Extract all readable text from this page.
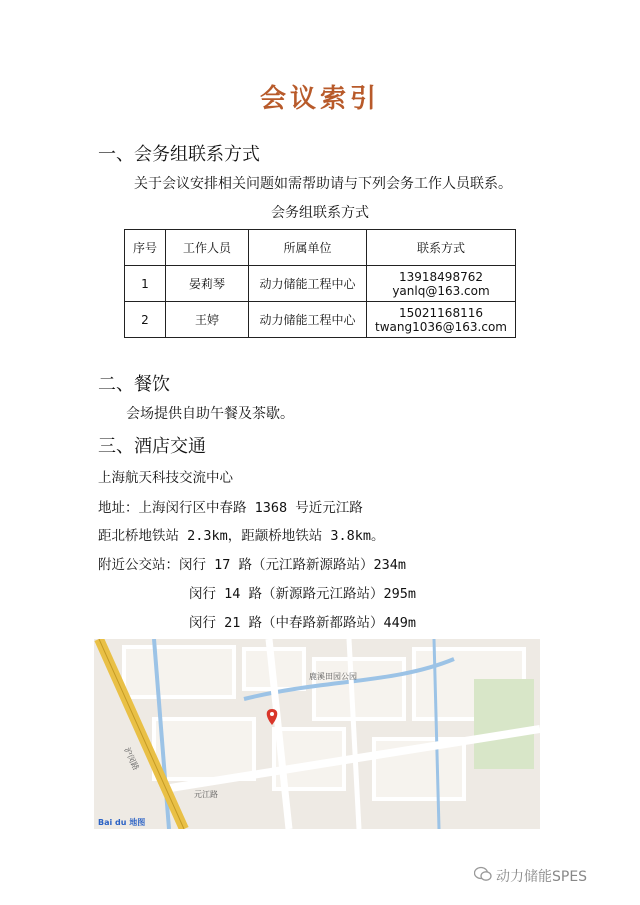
会议索引
一、会务组联系方式
关于会议安排相关问题如需帮助请与下列会务工作人员联系。
会务组联系方式
序号	工作人员	所属单位	联系方式
1	晏莉琴	动力储能工程中心	13918498762
yanlq@163.com

2	王婷	动力储能工程中心	15021168116
twang1036@163.com
二、餐饮
会场提供自助午餐及茶歇。
三、酒店交通
上海航天科技交流中心
地址：上海闵行区中春路 1368 号近元江路
距北桥地铁站 2.3km，距颛桥地铁站 3.8km。
附近公交站：闵行 17 路（元江路新源路站）234m
闵行 14 路（新源路元江路站）295m
闵行 21 路（中春路新都路站）449m
鹿溪田园公园
元江路
沪闵路
Bai du 地图
动力储能SPES
